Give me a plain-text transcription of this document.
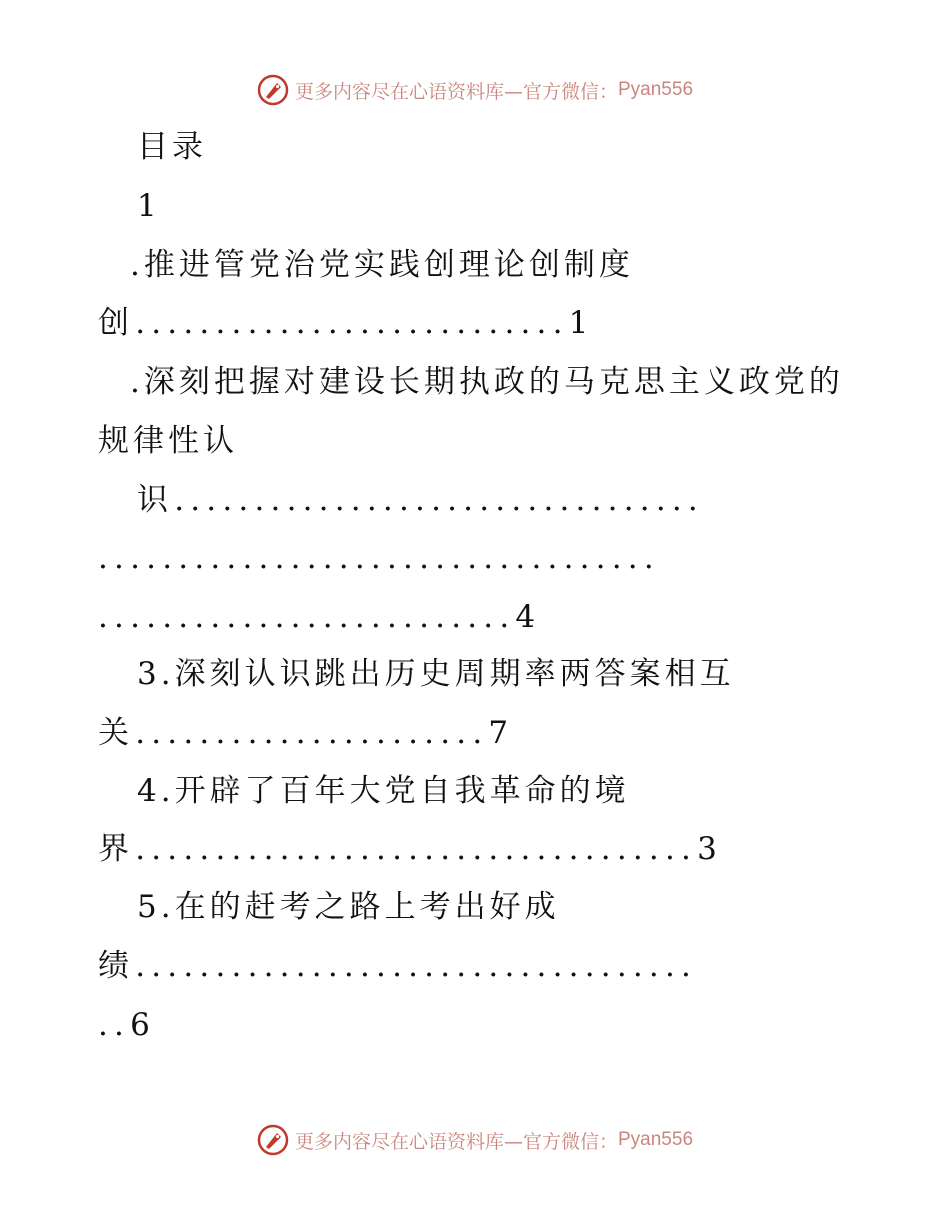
更多内容尽在心语资料库—官方微信： Pyan556
目录
1
.推进管党治党实践创理论创制度
创...........................1
.深刻把握对建设长期执政的马克思主义政党的
规律性认
识.................................
...................................
..........................4
3.深刻认识跳出历史周期率两答案相互
关......................7
4.开辟了百年大党自我革命的境
界...................................3
5.在的赶考之路上考出好成
绩...................................
..6
更多内容尽在心语资料库—官方微信： Pyan556
